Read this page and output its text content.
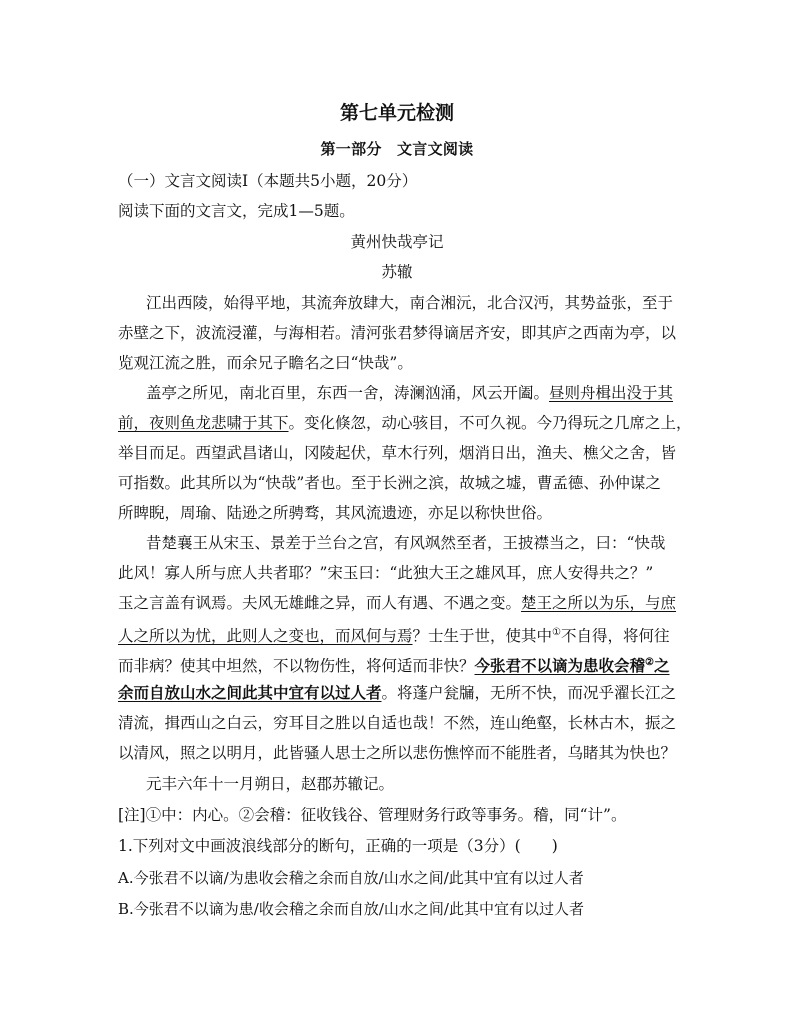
第七单元检测
第一部分　文言文阅读
（一）文言文阅读Ⅰ（本题共5小题，20分）
阅读下面的文言文，完成1—5题。
黄州快哉亭记
苏辙
江出西陵，始得平地，其流奔放肆大，南合湘沅，北合汉沔，其势益张，至于
赤壁之下，波流浸灌，与海相若。清河张君梦得谪居齐安，即其庐之西南为亭，以
览观江流之胜，而余兄子瞻名之曰“快哉”。
盖亭之所见，南北百里，东西一舍，涛澜汹涌，风云开阖。昼则舟楫出没于其
前，夜则鱼龙悲啸于其下。变化倏忽，动心骇目，不可久视。今乃得玩之几席之上，
举目而足。西望武昌诸山，冈陵起伏，草木行列，烟消日出，渔夫、樵父之舍，皆
可指数。此其所以为“快哉”者也。至于长洲之滨，故城之墟，曹孟德、孙仲谋之
所睥睨，周瑜、陆逊之所骋骛，其风流遗迹，亦足以称快世俗。
昔楚襄王从宋玉、景差于兰台之宫，有风飒然至者，王披襟当之，曰：“快哉
此风！寡人所与庶人共者耶？”宋玉曰：“此独大王之雄风耳，庶人安得共之？”
玉之言盖有讽焉。夫风无雄雌之异，而人有遇、不遇之变。楚王之所以为乐，与庶
人之所以为忧，此则人之变也，而风何与焉？士生于世，使其中①不自得，将何往
而非病？使其中坦然，不以物伤性，将何适而非快？今张君不以谪为患收会稽②之
余而自放山水之间此其中宜有以过人者。将蓬户瓮牖，无所不快，而况乎濯长江之
清流，揖西山之白云，穷耳目之胜以自适也哉！不然，连山绝壑，长林古木，振之
以清风，照之以明月，此皆骚人思士之所以悲伤憔悴而不能胜者，乌睹其为快也？
元丰六年十一月朔日，赵郡苏辙记。
[注]①中：内心。②会稽：征收钱谷、管理财务行政等事务。稽，同“计”。
1.下列对文中画波浪线部分的断句，正确的一项是（3分）(　　)
A.今张君不以谪/为患收会稽之余而自放/山水之间/此其中宜有以过人者
B.今张君不以谪为患/收会稽之余而自放/山水之间/此其中宜有以过人者
